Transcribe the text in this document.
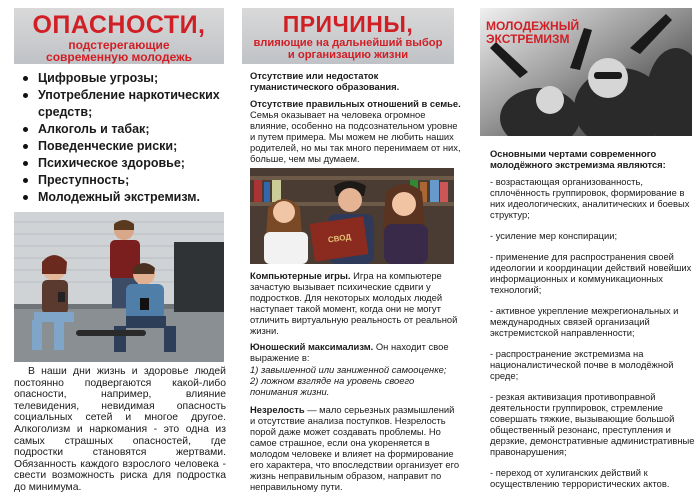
ОПАСНОСТИ,
подстерегающие
современную молодежь
Цифровые угрозы;
Употребление наркотических средств;
Алкоголь и табак;
Поведенческие риски;
Психическое здоровье;
Преступность;
Молодежный экстремизм.

В наши дни жизнь и здоровье людей постоянно подвергаются какой-либо опасности, например, влияние телевидения, невидимая опасность социальных сетей и многое другое. Алкоголизм и наркомания - это одна из самых страшных опасностей, где подростки становятся жертвами. Обязанность каждого взрослого человека - свести возможность риска для подростка до минимума.

ПРИЧИНЫ,
влияющие на дальнейший выбор
и организацию жизни

Отсутствие или недостаток гуманистического образования.

Отсутствие правильных отношений в семье. Семья оказывает на человека огромное влияние, особенно на подсознательном уровне и путем примера. Мы можем не любить наших родителей, но мы так много перенимаем от них, больше, чем мы думаем.

СВОД

Компьютерные игры. Игра на компьютере зачастую вызывает психические сдвиги у подростков. Для некоторых молодых людей наступает такой момент, когда они не могут отличить виртуальную реальность от реальной жизни.

Юношеский максимализм. Он находит свое выражение в:

1) завышенной или заниженной самооценке;

2) ложном взгляде на уровень своего понимания жизни.

Незрелость — мало серьезных размышлений и отсутствие анализа поступков. Незрелость порой даже может создавать проблемы. Но самое страшное, если она укореняется в молодом человеке и влияет на формирование его характера, что впоследствии организует его жизнь неправильным образом, направит по неправильному пути.

МОЛОДЕЖНЫЙ
ЭКСТРЕМИЗМ

Основными чертами современного молодёжного экстремизма являются:

- возрастающая организованность, сплочённость группировок, формирование в них идеологических, аналитических и боевых структур;
- усиление мер конспирации;
- применение для распространения своей идеологии и координации действий новейших информационных и коммуникационных технологий;
- активное укрепление межрегиональных и международных связей организаций экстремистской направленности;
- распространение экстремизма на националистической почве в молодёжной среде;
- резкая активизация противоправной деятельности группировок, стремление совершать тяжкие, вызывающие большой общественный резонанс, преступления и дерзкие, демонстративные административные правонарушения;
- переход от хулиганских действий к осуществлению террористических актов.
